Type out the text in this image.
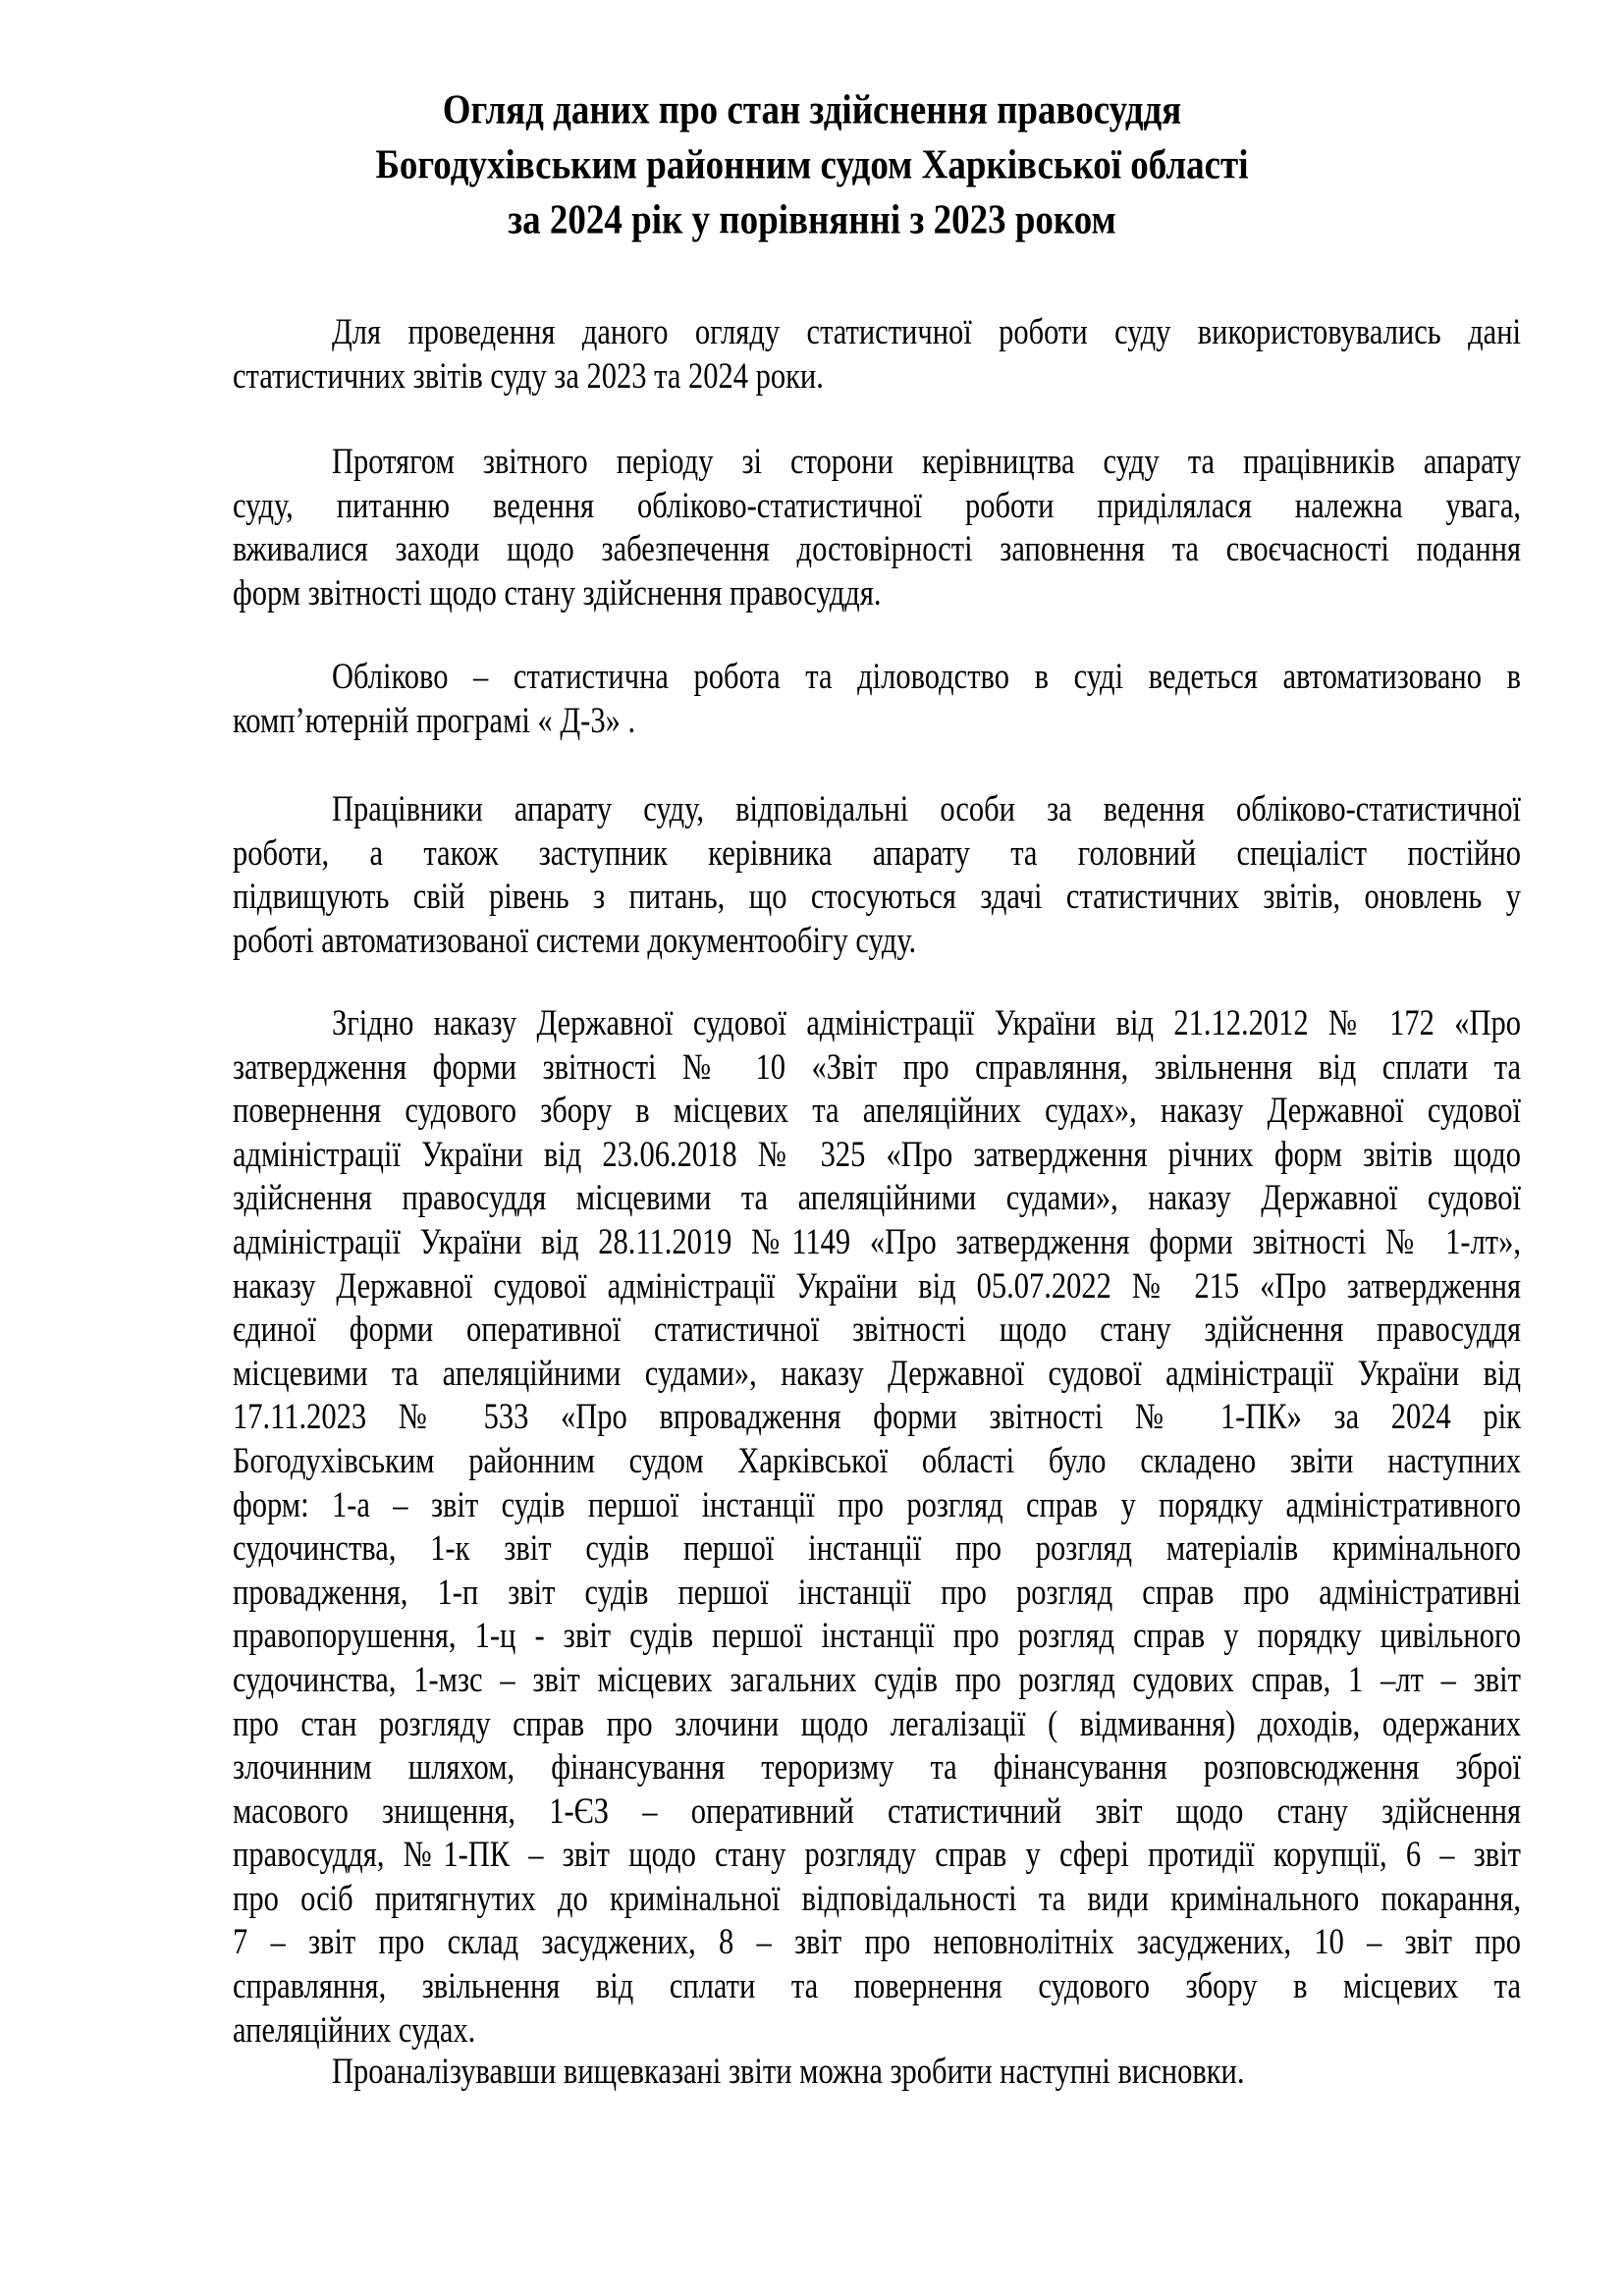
Огляд даних про стан здійснення правосуддя
Богодухівським районним судом Харківської області
за 2024 рік у порівнянні з 2023 роком
Для проведення даного огляду статистичної роботи суду використовувались дані
статистичних звітів суду за 2023 та 2024 роки.
Протягом звітного періоду зі сторони керівництва суду та працівників апарату
суду, питанню ведення обліково-статистичної роботи приділялася належна увага,
вживалися заходи щодо забезпечення достовірності заповнення та своєчасності подання
форм звітності щодо стану здійснення правосуддя.
Обліково – статистична робота та діловодство в суді ведеться автоматизовано в
комп’ютерній програмі « Д-3» .
Працівники апарату суду, відповідальні особи за ведення обліково-статистичної
роботи, а також заступник керівника апарату та головний спеціаліст постійно
підвищують свій рівень з питань, що стосуються здачі статистичних звітів, оновлень у
роботі автоматизованої системи документообігу суду.
Згідно наказу Державної судової адміністрації України від 21.12.2012 № 172 «Про
затвердження форми звітності № 10 «Звіт про справляння, звільнення від сплати та
повернення судового збору в місцевих та апеляційних судах», наказу Державної судової
адміністрації України від 23.06.2018 № 325 «Про затвердження річних форм звітів щодо
здійснення правосуддя місцевими та апеляційними судами», наказу Державної судової
адміністрації України від 28.11.2019 №1149 «Про затвердження форми звітності № 1-лт»,
наказу Державної судової адміністрації України від 05.07.2022 № 215 «Про затвердження
єдиної форми оперативної статистичної звітності щодо стану здійснення правосуддя
місцевими та апеляційними судами», наказу Державної судової адміністрації України від
17.11.2023 № 533 «Про впровадження форми звітності № 1-ПК» за 2024 рік
Богодухівським районним судом Харківської області було складено звіти наступних
форм: 1-а – звіт судів першої інстанції про розгляд справ у порядку адміністративного
судочинства, 1-к звіт судів першої інстанції про розгляд матеріалів кримінального
провадження, 1-п звіт судів першої інстанції про розгляд справ про адміністративні
правопорушення, 1-ц - звіт судів першої інстанції про розгляд справ у порядку цивільного
судочинства, 1-мзс – звіт місцевих загальних судів про розгляд судових справ, 1 –лт – звіт
про стан розгляду справ про злочини щодо легалізації ( відмивання) доходів, одержаних
злочинним шляхом, фінансування тероризму та фінансування розповсюдження зброї
масового знищення, 1-ЄЗ – оперативний статистичний звіт щодо стану здійснення
правосуддя, №1-ПК – звіт щодо стану розгляду справ у сфері протидії корупції, 6 – звіт
про осіб притягнутих до кримінальної відповідальності та види кримінального покарання,
7 – звіт про склад засуджених, 8 – звіт про неповнолітніх засуджених, 10 – звіт про
справляння, звільнення від сплати та повернення судового збору в місцевих та
апеляційних судах.
Проаналізувавши вищевказані звіти можна зробити наступні висновки.
